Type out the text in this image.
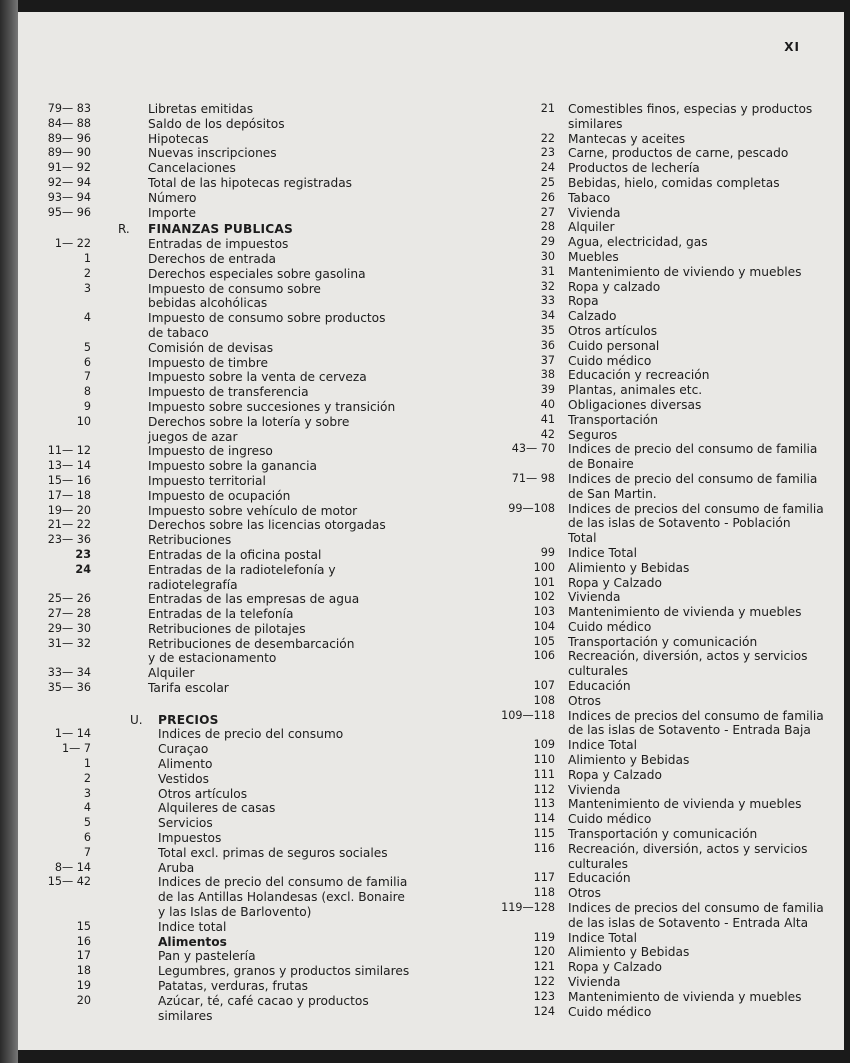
XI
79— 83	Libretas emitidas
84— 88	Saldo de los depósitos
89— 96	Hipotecas
89— 90	Nuevas inscripciones
91— 92	Cancelaciones
92— 94	Total de las hipotecas registradas
93— 94	Número
95— 96	Importe
R. FINANZAS PUBLICAS
1— 22	Entradas de impuestos
1	Derechos de entrada
2	Derechos especiales sobre gasolina
3	Impuesto de consumo sobre
bebidas alcohólicas
4	Impuesto de consumo sobre productos
de tabaco
5	Comisión de devisas
6	Impuesto de timbre
7	Impuesto sobre la venta de cerveza
8	Impuesto de transferencia
9	Impuesto sobre succesiones y transición
10	Derechos sobre la lotería y sobre
juegos de azar
11— 12	Impuesto de ingreso
13— 14	Impuesto sobre la ganancia
15— 16	Impuesto territorial
17— 18	Impuesto de ocupación
19— 20	Impuesto sobre vehículo de motor
21— 22	Derechos sobre las licencias otorgadas
23— 36	Retribuciones
23	Entradas de la oficina postal
24	Entradas de la radiotelefonía y
radiotelegrafía
25— 26	Entradas de las empresas de agua
27— 28	Entradas de la telefonía
29— 30	Retribuciones de pilotajes
31— 32	Retribuciones de desembarcación
y de estacionamento
33— 34	Alquiler
35— 36	Tarifa escolar

U. PRECIOS
1— 14	Indices de precio del consumo
1— 7	Curaçao
1	Alimento
2	Vestidos
3	Otros artículos
4	Alquileres de casas
5	Servicios
6	Impuestos
7	Total excl. primas de seguros sociales
8— 14	Aruba
15— 42	Indices de precio del consumo de familia
de las Antillas Holandesas (excl. Bonaire
y las Islas de Barlovento)
15	Indice total
16	Alimentos
17	Pan y pastelería
18	Legumbres, granos y productos similares
19	Patatas, verduras, frutas
20	Azúcar, té, café cacao y productos
similares
21 Comestibles finos, especias y productos
similares
22 Mantecas y aceites
23 Carne, productos de carne, pescado
24 Productos de lechería
25 Bebidas, hielo, comidas completas
26 Tabaco
27 Vivienda
28 Alquiler
29 Agua, electricidad, gas
30 Muebles
31 Mantenimiento de viviendo y muebles
32 Ropa y calzado
33 Ropa
34 Calzado
35 Otros artículos
36 Cuido personal
37 Cuido médico
38 Educación y recreación
39 Plantas, animales etc.
40 Obligaciones diversas
41 Transportación
42 Seguros
43— 70 Indices de precio del consumo de familia
de Bonaire
71— 98 Indices de precio del consumo de familia
de San Martin.
99—108 Indices de precios del consumo de familia
de las islas de Sotavento - Población
Total
99 Indice Total
100 Alimiento y Bebidas
101 Ropa y Calzado
102 Vivienda
103 Mantenimiento de vivienda y muebles
104 Cuido médico
105 Transportación y comunicación
106 Recreación, diversión, actos y servicios
culturales
107 Educación
108 Otros
109—118 Indices de precios del consumo de familia
de las islas de Sotavento - Entrada Baja
109 Indice Total
110 Alimiento y Bebidas
111 Ropa y Calzado
112 Vivienda
113 Mantenimiento de vivienda y muebles
114 Cuido médico
115 Transportación y comunicación
116 Recreación, diversión, actos y servicios
culturales
117 Educación
118 Otros
119—128 Indices de precios del consumo de familia
de las islas de Sotavento - Entrada Alta
119 Indice Total
120 Alimiento y Bebidas
121 Ropa y Calzado
122 Vivienda
123 Mantenimiento de vivienda y muebles
124 Cuido médico
